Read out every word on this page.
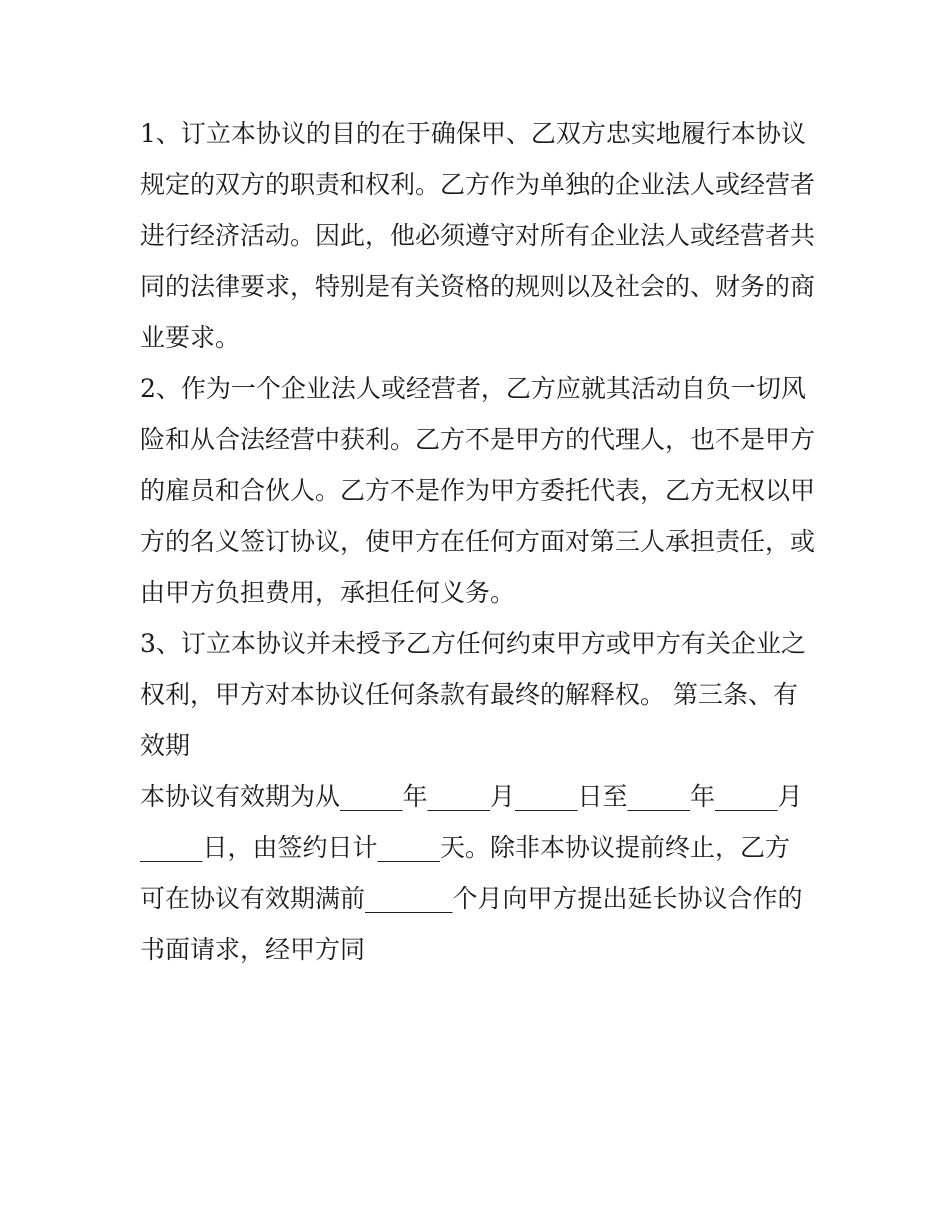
1、订立本协议的目的在于确保甲、乙双方忠实地履行本协议
规定的双方的职责和权利。乙方作为单独的企业法人或经营者
进行经济活动。因此，他必须遵守对所有企业法人或经营者共
同的法律要求，特别是有关资格的规则以及社会的、财务的商
业要求。
2、作为一个企业法人或经营者，乙方应就其活动自负一切风
险和从合法经营中获利。乙方不是甲方的代理人，也不是甲方
的雇员和合伙人。乙方不是作为甲方委托代表，乙方无权以甲
方的名义签订协议，使甲方在任何方面对第三人承担责任，或
由甲方负担费用，承担任何义务。
3、订立本协议并未授予乙方任何约束甲方或甲方有关企业之
权利，甲方对本协议任何条款有最终的解释权。 第三条、有
效期
本协议有效期为从_____年_____月_____日至_____年_____月
_____日，由签约日计_____天。除非本协议提前终止，乙方
可在协议有效期满前_______个月向甲方提出延长协议合作的
书面请求，经甲方同
